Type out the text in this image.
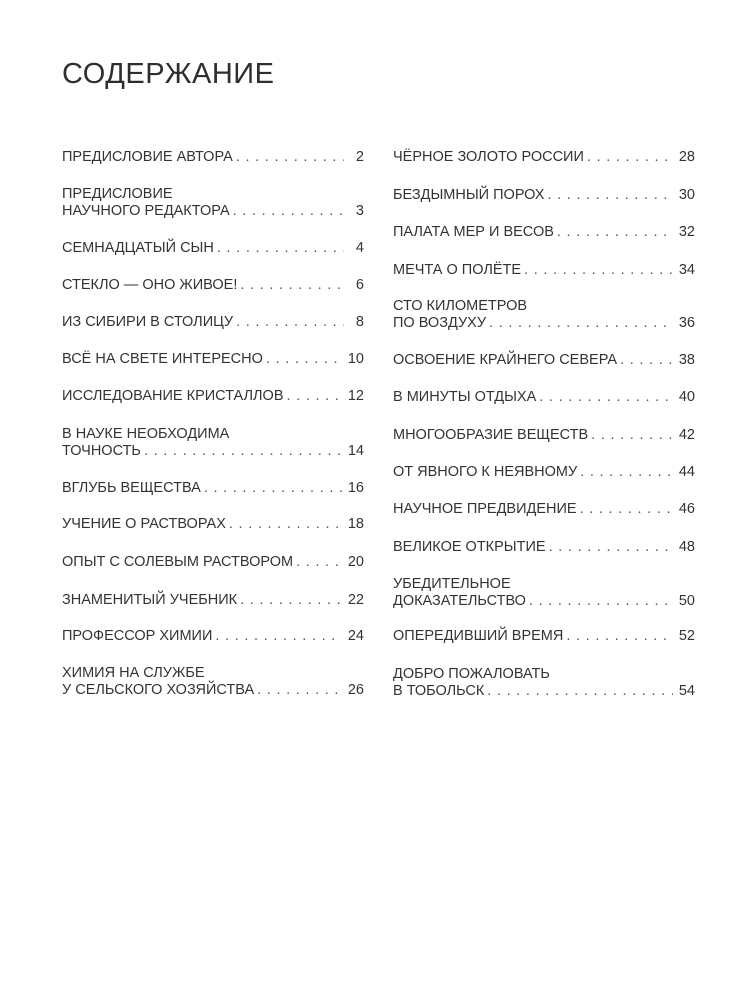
СОДЕРЖАНИЕ
ПРЕДИСЛОВИЕ АВТОРА . . .	2
ПРЕДИСЛОВИЕ
НАУЧНОГО РЕДАКТОРА . . .	3
СЕМНАДЦАТЫЙ СЫН . . .	4
СТЕКЛО — ОНО ЖИВОЕ! . . .	6
ИЗ СИБИРИ В СТОЛИЦУ . . .	8
ВСЁ НА СВЕТЕ ИНТЕРЕСНО . . .	10
ИССЛЕДОВАНИЕ КРИСТАЛЛОВ . . .	12
В НАУКЕ НЕОБХОДИМА
ТОЧНОСТЬ . . .	14
ВГЛУБЬ ВЕЩЕСТВА . . .	16
УЧЕНИЕ О РАСТВОРАХ . . .	18
ОПЫТ С СОЛЕВЫМ РАСТВОРОМ . . .	20
ЗНАМЕНИТЫЙ УЧЕБНИК . . .	22
ПРОФЕССОР ХИМИИ . . .	24
ХИМИЯ НА СЛУЖБЕ
У СЕЛЬСКОГО ХОЗЯЙСТВА . . .	26
ЧЁРНОЕ ЗОЛОТО РОССИИ . . .	28
БЕЗДЫМНЫЙ ПОРОХ . . .	30
ПАЛАТА МЕР И ВЕСОВ . . .	32
МЕЧТА О ПОЛЁТЕ . . .	34
СТО КИЛОМЕТРОВ
ПО ВОЗДУХУ . . .	36
ОСВОЕНИЕ КРАЙНЕГО СЕВЕРА . . .	38
В МИНУТЫ ОТДЫХА . . .	40
МНОГООБРАЗИЕ ВЕЩЕСТВ . . .	42
ОТ ЯВНОГО К НЕЯВНОМУ . . .	44
НАУЧНОЕ ПРЕДВИДЕНИЕ . . .	46
ВЕЛИКОЕ ОТКРЫТИЕ . . .	48
УБЕДИТЕЛЬНОЕ
ДОКАЗАТЕЛЬСТВО . . .	50
ОПЕРЕДИВШИЙ ВРЕМЯ . . .	52
ДОБРО ПОЖАЛОВАТЬ
В ТОБОЛЬСК . . .	54
